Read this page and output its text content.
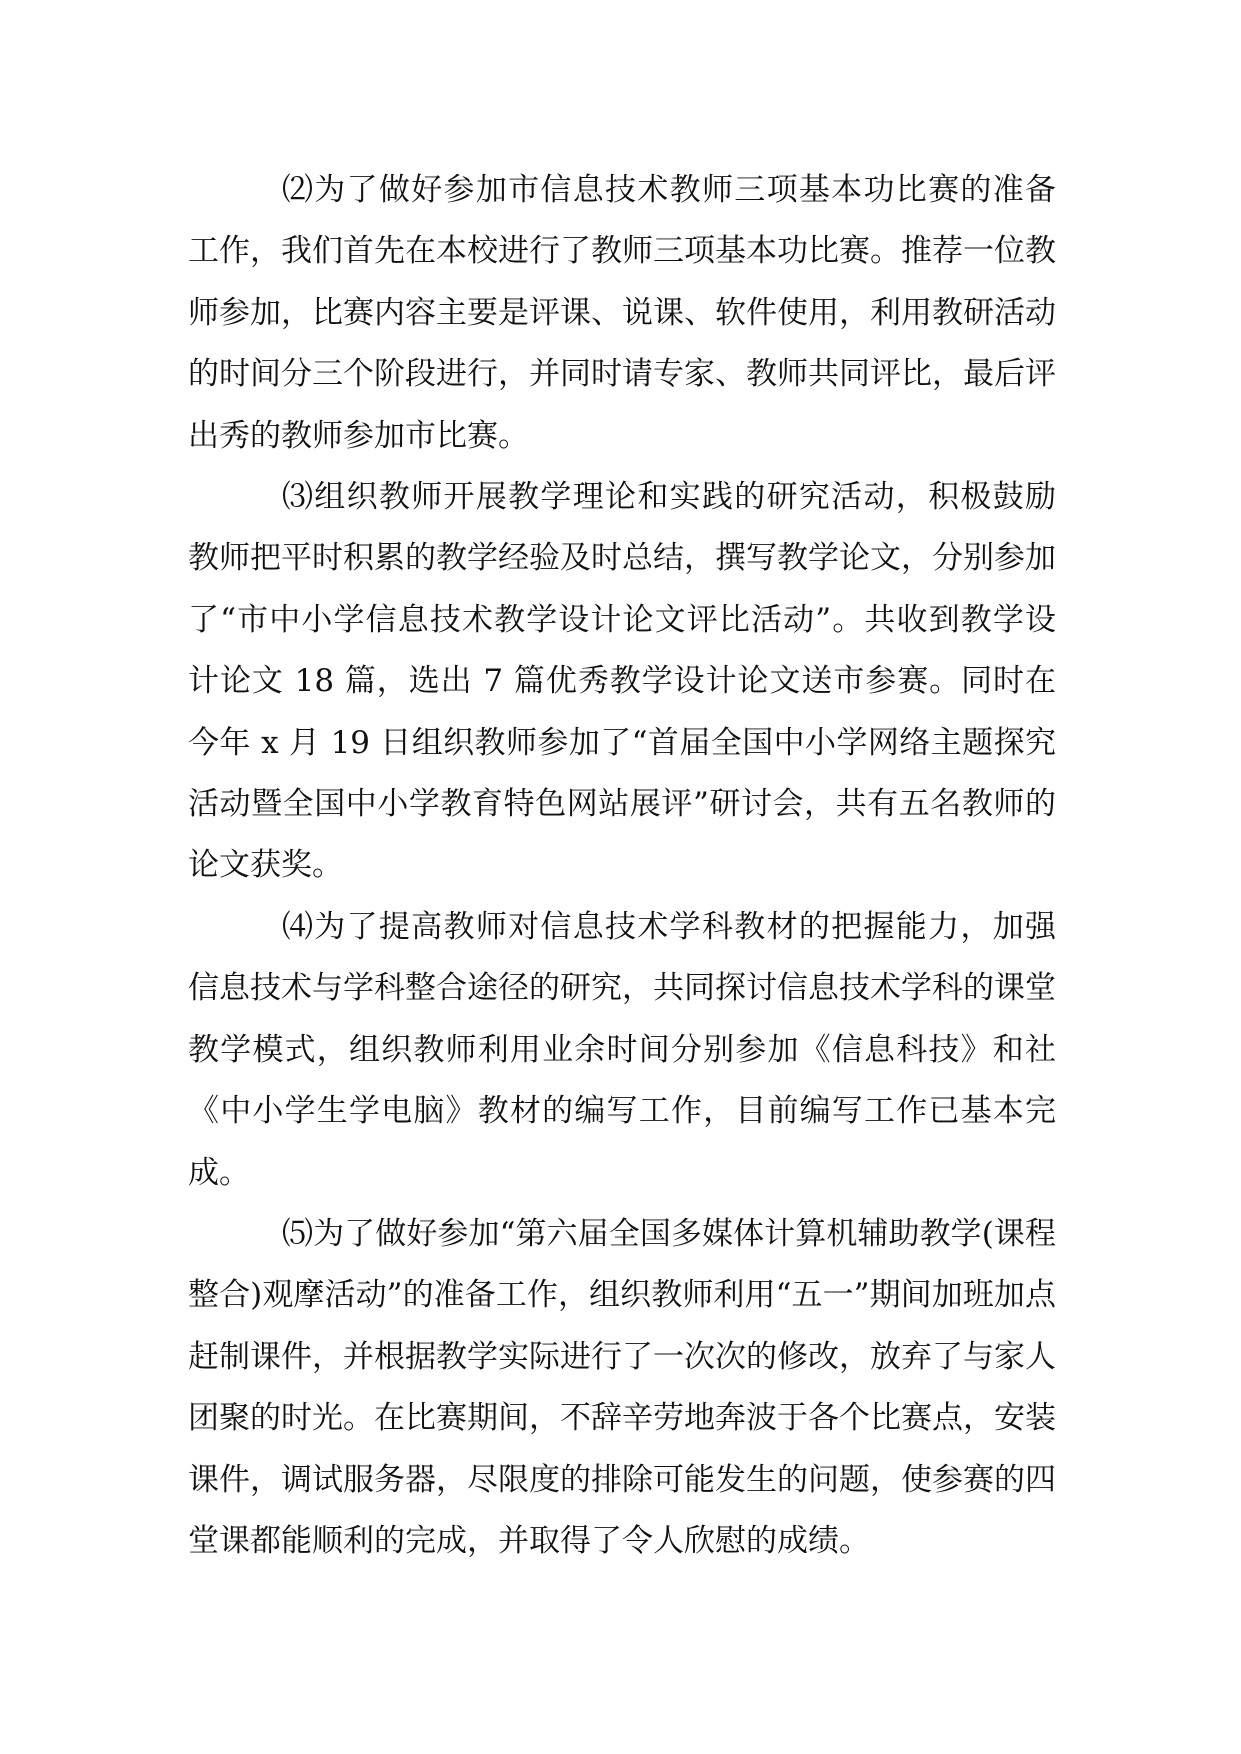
⑵为了做好参加市信息技术教师三项基本功比赛的准备工作，我们首先在本校进行了教师三项基本功比赛。推荐一位教师参加，比赛内容主要是评课、说课、软件使用，利用教研活动的时间分三个阶段进行，并同时请专家、教师共同评比，最后评出秀的教师参加市比赛。

⑶组织教师开展教学理论和实践的研究活动，积极鼓励教师把平时积累的教学经验及时总结，撰写教学论文，分别参加了“市中小学信息技术教学设计论文评比活动”。共收到教学设计论文 18 篇，选出 7 篇优秀教学设计论文送市参赛。同时在今年 x 月 19 日组织教师参加了“首届全国中小学网络主题探究活动暨全国中小学教育特色网站展评”研讨会，共有五名教师的论文获奖。

⑷为了提高教师对信息技术学科教材的把握能力，加强信息技术与学科整合途径的研究，共同探讨信息技术学科的课堂教学模式，组织教师利用业余时间分别参加《信息科技》和社《中小学生学电脑》教材的编写工作，目前编写工作已基本完成。

⑸为了做好参加“第六届全国多媒体计算机辅助教学(课程整合)观摩活动”的准备工作，组织教师利用“五一”期间加班加点赶制课件，并根据教学实际进行了一次次的修改，放弃了与家人团聚的时光。在比赛期间，不辞辛劳地奔波于各个比赛点，安装课件，调试服务器，尽限度的排除可能发生的问题，使参赛的四堂课都能顺利的完成，并取得了令人欣慰的成绩。
